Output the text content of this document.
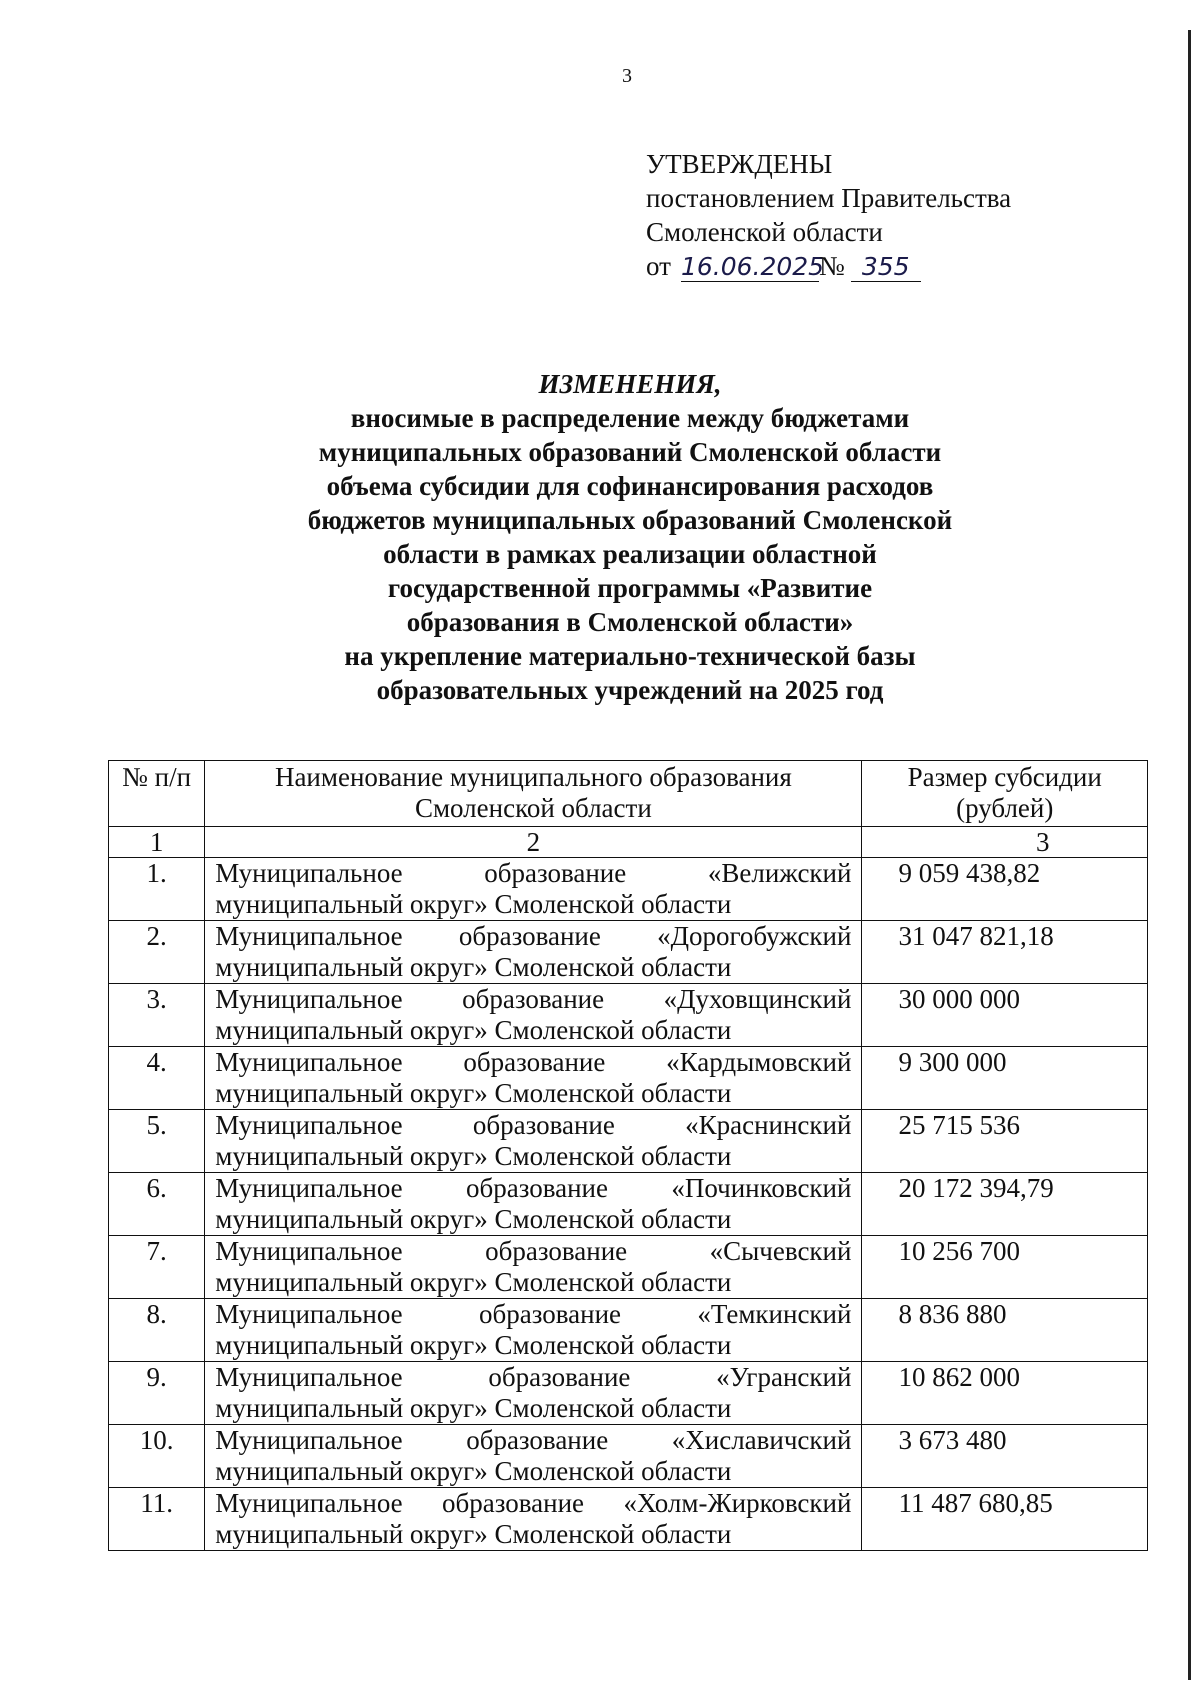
3
УТВЕРЖДЕНЫ
постановлением Правительства
Смоленской области
от 16.06.2025
№ 355
ИЗМЕНЕНИЯ,
вносимые в распределение между бюджетами
муниципальных образований Смоленской области
объема субсидии для софинансирования расходов
бюджетов муниципальных образований Смоленской
области в рамках реализации областной
государственной программы «Развитие
образования в Смоленской области»
на укрепление материально-технической базы
образовательных учреждений на 2025 год
№ п/п	Наименование муниципального образования Смоленской области	Размер субсидии (рублей)
1	2	3
1.	Муниципальное образование «Велижский
муниципальный округ» Смоленской области	9 059 438,82
2.	Муниципальное образование «Дорогобужский
муниципальный округ» Смоленской области	31 047 821,18
3.	Муниципальное образование «Духовщинский
муниципальный округ» Смоленской области	30 000 000
4.	Муниципальное образование «Кардымовский
муниципальный округ» Смоленской области	9 300 000
5.	Муниципальное образование «Краснинский
муниципальный округ» Смоленской области	25 715 536
6.	Муниципальное образование «Починковский
муниципальный округ» Смоленской области	20 172 394,79
7.	Муниципальное образование «Сычевский
муниципальный округ» Смоленской области	10 256 700
8.	Муниципальное образование «Темкинский
муниципальный округ» Смоленской области	8 836 880
9.	Муниципальное образование «Угранский
муниципальный округ» Смоленской области	10 862 000
10.	Муниципальное образование «Хиславичский
муниципальный округ» Смоленской области	3 673 480
11.	Муниципальное образование «Холм-Жирковский
муниципальный округ» Смоленской области	11 487 680,85
